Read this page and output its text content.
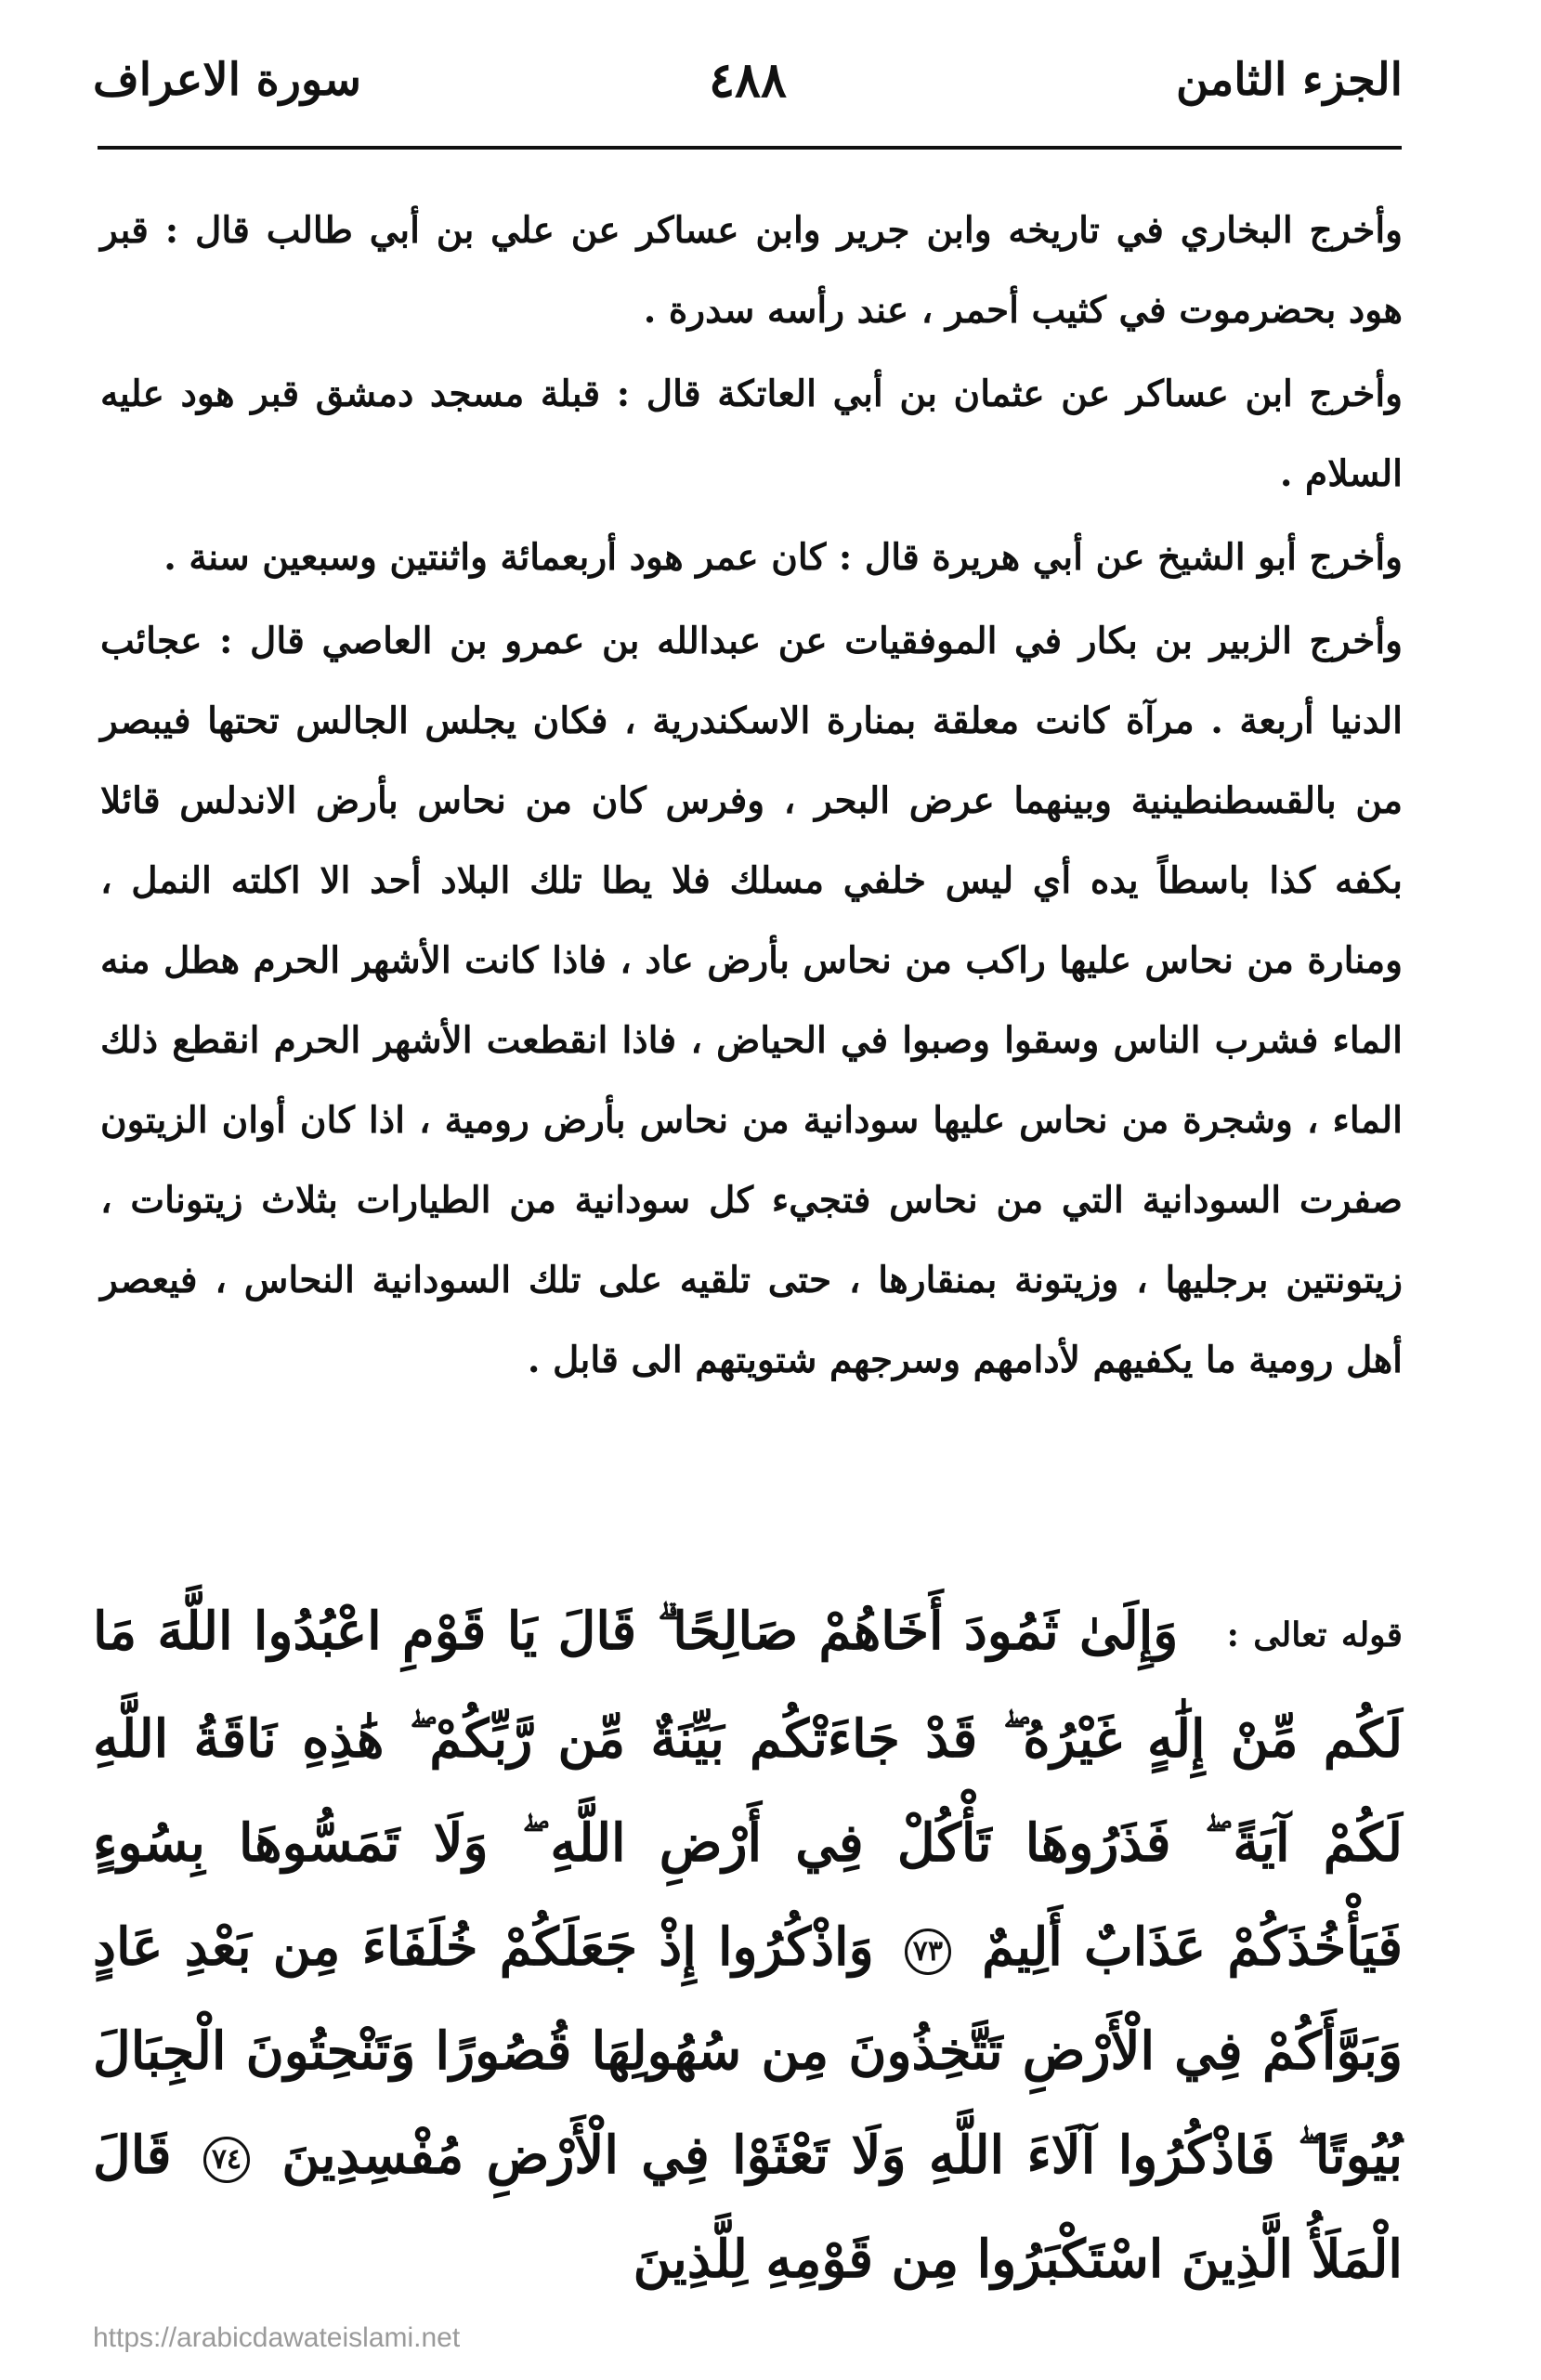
الجزء الثامن
٤٨٨
سورة الاعراف

وأخرج البخاري في تاريخه وابن جرير وابن عساكر عن علي بن أبي طالب قال : قبر هود بحضرموت في كثيب أحمر ، عند رأسه سدرة .

وأخرج ابن عساكر عن عثمان بن أبي العاتكة قال : قبلة مسجد دمشق قبر هود عليه السلام .

وأخرج أبو الشيخ عن أبي هريرة قال : كان عمر هود أربعمائة واثنتين وسبعين سنة .

وأخرج الزبير بن بكار في الموفقيات عن عبدالله بن عمرو بن العاصي قال : عجائب الدنيا أربعة . مرآة كانت معلقة بمنارة الاسكندرية ، فكان يجلس الجالس تحتها فيبصر من بالقسطنطينية وبينهما عرض البحر ، وفرس كان من نحاس بأرض الاندلس قائلا بكفه كذا باسطاً يده أي ليس خلفي مسلك فلا يطا تلك البلاد أحد الا اكلته النمل ، ومنارة من نحاس عليها راكب من نحاس بأرض عاد ، فاذا كانت الأشهر الحرم هطل منه الماء فشرب الناس وسقوا وصبوا في الحياض ، فاذا انقطعت الأشهر الحرم انقطع ذلك الماء ، وشجرة من نحاس عليها سودانية من نحاس بأرض رومية ، اذا كان أوان الزيتون صفرت السودانية التي من نحاس فتجيء كل سودانية من الطيارات بثلاث زيتونات ، زيتونتين برجليها ، وزيتونة بمنقارها ، حتى تلقيه على تلك السودانية النحاس ، فيعصر أهل رومية ما يكفيهم لأدامهم وسرجهم شتويتهم الى قابل .

قوله تعالى : وَإِلَىٰ ثَمُودَ أَخَاهُمْ صَالِحًا ۗ قَالَ يَا قَوْمِ اعْبُدُوا اللَّهَ مَا لَكُم مِّنْ إِلَٰهٍ غَيْرُهُ ۖ قَدْ جَاءَتْكُم بَيِّنَةٌ مِّن رَّبِّكُمْ ۖ هَٰذِهِ نَاقَةُ اللَّهِ لَكُمْ آيَةً ۖ فَذَرُوهَا تَأْكُلْ فِي أَرْضِ اللَّهِ ۖ وَلَا تَمَسُّوهَا بِسُوءٍ فَيَأْخُذَكُمْ عَذَابٌ أَلِيمٌ ٧٣ وَاذْكُرُوا إِذْ جَعَلَكُمْ خُلَفَاءَ مِن بَعْدِ عَادٍ وَبَوَّأَكُمْ فِي الْأَرْضِ تَتَّخِذُونَ مِن سُهُولِهَا قُصُورًا وَتَنْحِتُونَ الْجِبَالَ بُيُوتًا ۖ فَاذْكُرُوا آلَاءَ اللَّهِ وَلَا تَعْثَوْا فِي الْأَرْضِ مُفْسِدِينَ ٧٤ قَالَ الْمَلَأُ الَّذِينَ اسْتَكْبَرُوا مِن قَوْمِهِ لِلَّذِينَ
https://arabicdawateislami.net
